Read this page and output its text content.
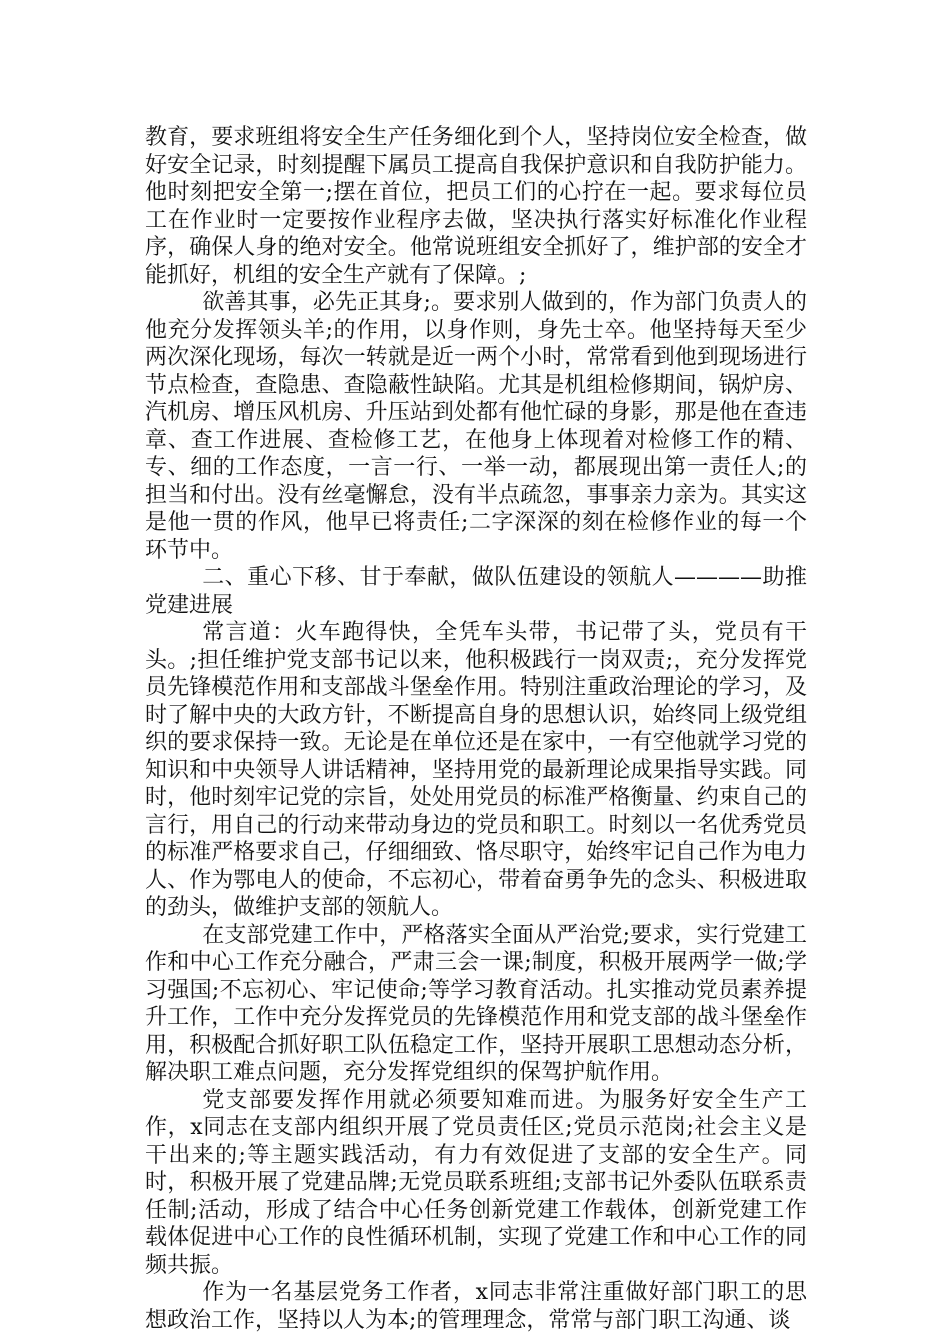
教育，要求班组将安全生产任务细化到个人，坚持岗位安全检查，做好安全记录，时刻提醒下属员工提高自我保护意识和自我防护能力。他时刻把安全第一;摆在首位，把员工们的心拧在一起。要求每位员工在作业时一定要按作业程序去做，坚决执行落实好标准化作业程序，确保人身的绝对安全。他常说班组安全抓好了，维护部的安全才能抓好，机组的安全生产就有了保障。;

欲善其事，必先正其身;。要求别人做到的，作为部门负责人的他充分发挥领头羊;的作用，以身作则，身先士卒。他坚持每天至少两次深化现场，每次一转就是近一两个小时，常常看到他到现场进行节点检查，查隐患、查隐蔽性缺陷。尤其是机组检修期间，锅炉房、汽机房、增压风机房、升压站到处都有他忙碌的身影，那是他在查违章、查工作进展、查检修工艺，在他身上体现着对检修工作的精、专、细的工作态度，一言一行、一举一动，都展现出第一责任人;的担当和付出。没有丝毫懈怠，没有半点疏忽，事事亲力亲为。其实这是他一贯的作风，他早已将责任;二字深深的刻在检修作业的每一个环节中。

二、重心下移、甘于奉献，做队伍建设的领航人————助推党建进展

常言道：火车跑得快，全凭车头带，书记带了头，党员有干头。;担任维护党支部书记以来，他积极践行一岗双责;，充分发挥党员先锋模范作用和支部战斗堡垒作用。特别注重政治理论的学习，及时了解中央的大政方针，不断提高自身的思想认识，始终同上级党组织的要求保持一致。无论是在单位还是在家中，一有空他就学习党的知识和中央领导人讲话精神，坚持用党的最新理论成果指导实践。同时，他时刻牢记党的宗旨，处处用党员的标准严格衡量、约束自己的言行，用自己的行动来带动身边的党员和职工。时刻以一名优秀党员的标准严格要求自己，仔细细致、恪尽职守，始终牢记自己作为电力人、作为鄂电人的使命，不忘初心，带着奋勇争先的念头、积极进取的劲头，做维护支部的领航人。

在支部党建工作中，严格落实全面从严治党;要求，实行党建工作和中心工作充分融合，严肃三会一课;制度，积极开展两学一做;学习强国;不忘初心、牢记使命;等学习教育活动。扎实推动党员素养提升工作，工作中充分发挥党员的先锋模范作用和党支部的战斗堡垒作用，积极配合抓好职工队伍稳定工作，坚持开展职工思想动态分析，解决职工难点问题，充分发挥党组织的保驾护航作用。

党支部要发挥作用就必须要知难而进。为服务好安全生产工作，x同志在支部内组织开展了党员责任区;党员示范岗;社会主义是干出来的;等主题实践活动，有力有效促进了支部的安全生产。同时，积极开展了党建品牌;无党员联系班组;支部书记外委队伍联系责任制;活动，形成了结合中心任务创新党建工作载体，创新党建工作载体促进中心工作的良性循环机制，实现了党建工作和中心工作的同频共振。

作为一名基层党务工作者，x同志非常注重做好部门职工的思想政治工作，坚持以人为本;的管理理念，常常与部门职工沟通、谈
